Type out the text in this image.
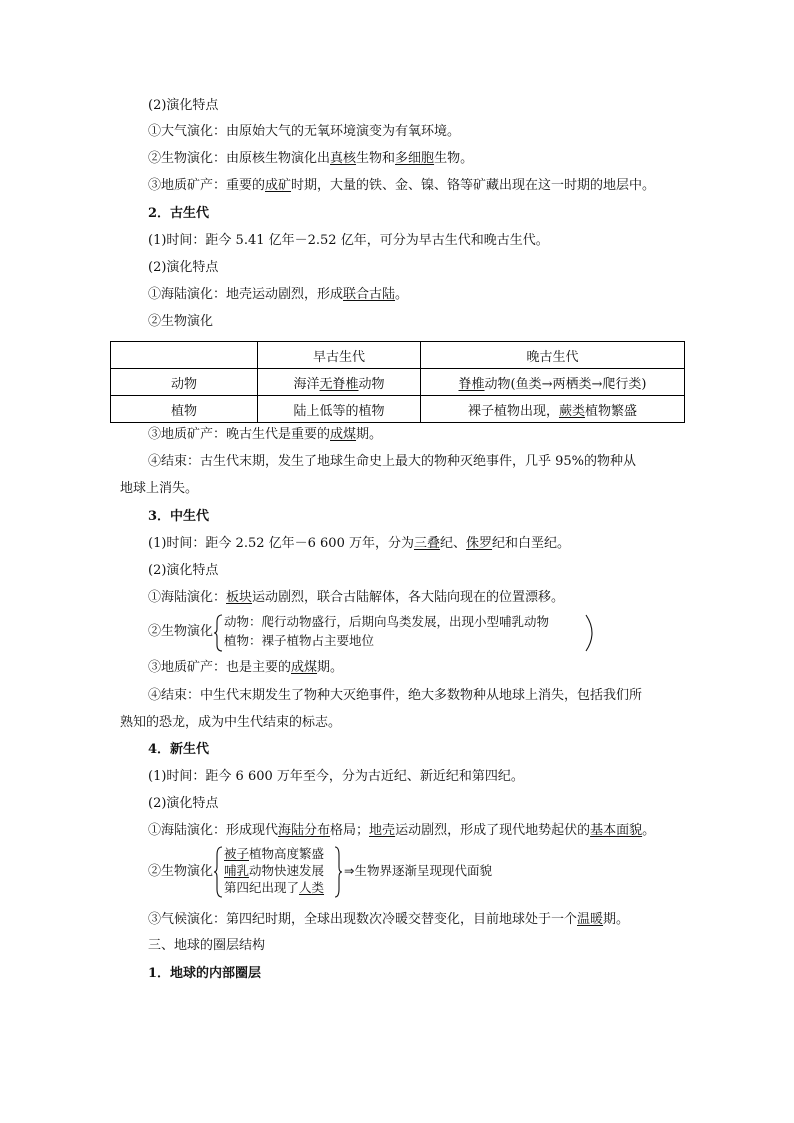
(2)演化特点
①大气演化：由原始大气的无氧环境演变为有氧环境。
②生物演化：由原核生物演化出真核生物和多细胞生物。
③地质矿产：重要的成矿时期，大量的铁、金、镍、铬等矿藏出现在这一时期的地层中。
2．古生代
(1)时间：距今 5.41 亿年－2.52 亿年，可分为早古生代和晚古生代。
(2)演化特点
①海陆演化：地壳运动剧烈，形成联合古陆。
②生物演化
	早古生代	晚古生代
动物	海洋无脊椎动物	脊椎动物(鱼类→两栖类→爬行类)
植物	陆上低等的植物	裸子植物出现，蕨类植物繁盛
③地质矿产：晚古生代是重要的成煤期。
④结束：古生代末期，发生了地球生命史上最大的物种灭绝事件，几乎 95%的物种从
地球上消失。
3．中生代
(1)时间：距今 2.52 亿年－6 600 万年，分为三叠纪、侏罗纪和白垩纪。
(2)演化特点
①海陆演化：板块运动剧烈，联合古陆解体，各大陆向现在的位置漂移。
②生物演化
动物：爬行动物盛行，后期向鸟类发展，出现小型哺乳动物
植物：裸子植物占主要地位
③地质矿产：也是主要的成煤期。
④结束：中生代末期发生了物种大灭绝事件，绝大多数物种从地球上消失，包括我们所
熟知的恐龙，成为中生代结束的标志。
4．新生代
(1)时间：距今 6 600 万年至今，分为古近纪、新近纪和第四纪。
(2)演化特点
①海陆演化：形成现代海陆分布格局；地壳运动剧烈，形成了现代地势起伏的基本面貌。
②生物演化
被子植物高度繁盛
哺乳动物快速发展
第四纪出现了人类
⇒生物界逐渐呈现现代面貌
③气候演化：第四纪时期，全球出现数次冷暖交替变化，目前地球处于一个温暖期。
三、地球的圈层结构
1．地球的内部圈层
